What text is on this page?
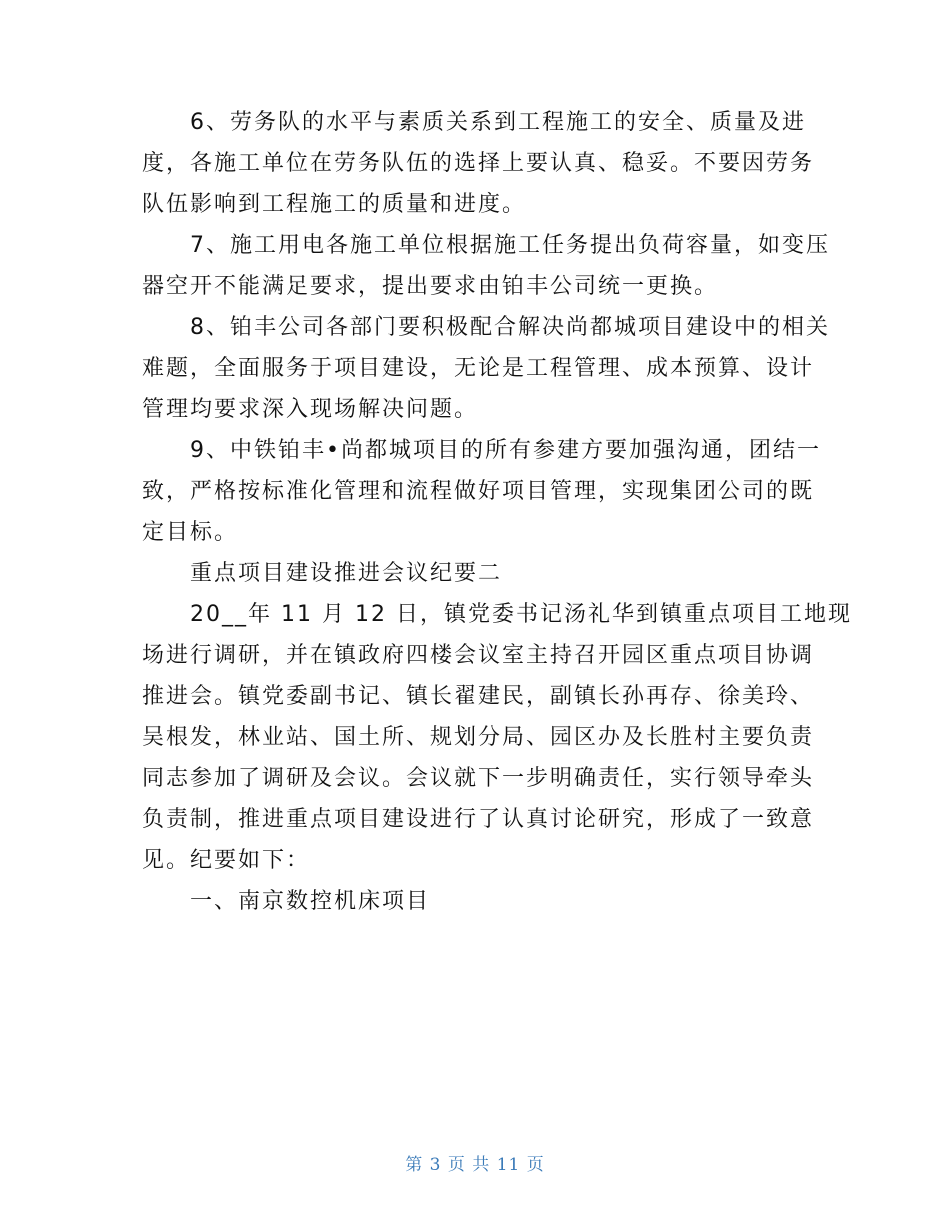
　　6、劳务队的水平与素质关系到工程施工的安全、质量及进
度，各施工单位在劳务队伍的选择上要认真、稳妥。不要因劳务
队伍影响到工程施工的质量和进度。
　　7、施工用电各施工单位根据施工任务提出负荷容量，如变压
器空开不能满足要求，提出要求由铂丰公司统一更换。
　　8、铂丰公司各部门要积极配合解决尚都城项目建设中的相关
难题，全面服务于项目建设，无论是工程管理、成本预算、设计
管理均要求深入现场解决问题。
　　9、中铁铂丰•尚都城项目的所有参建方要加强沟通，团结一
致，严格按标准化管理和流程做好项目管理，实现集团公司的既
定目标。
　　重点项目建设推进会议纪要二
　　20__年 11 月 12 日，镇党委书记汤礼华到镇重点项目工地现
场进行调研，并在镇政府四楼会议室主持召开园区重点项目协调
推进会。镇党委副书记、镇长翟建民，副镇长孙再存、徐美玲、
吴根发，林业站、国土所、规划分局、园区办及长胜村主要负责
同志参加了调研及会议。会议就下一步明确责任，实行领导牵头
负责制，推进重点项目建设进行了认真讨论研究，形成了一致意
见。纪要如下：
　　一、南京数控机床项目
第 3 页 共 11 页
